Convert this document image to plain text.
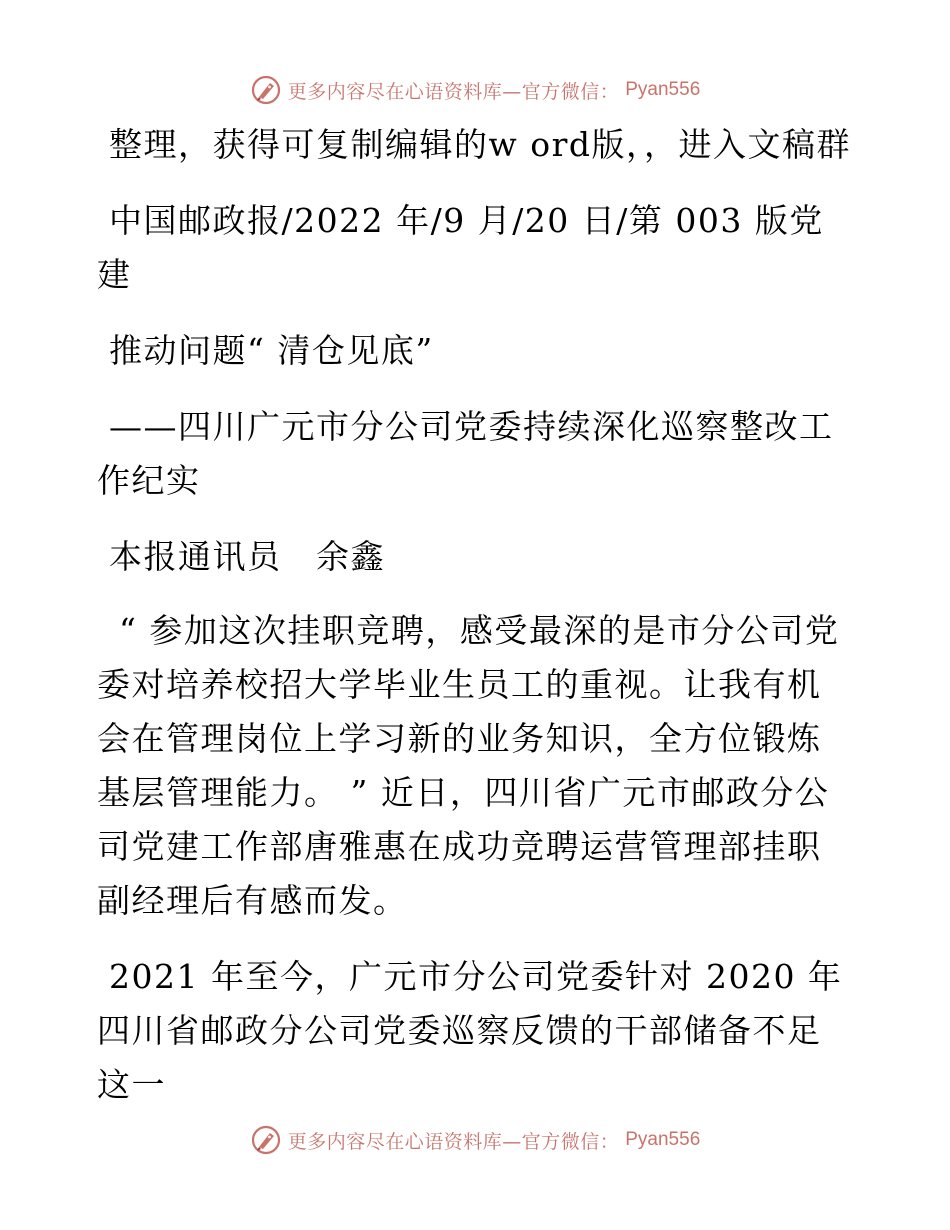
更多内容尽在心语资料库—官方微信： Pyan556

整理，获得可复制编辑的w ord版，，进入文稿群

中国邮政报/2022 年/9 月/20 日/第 003 版党建

推动问题“ 清仓见底”

——四川广元市分公司党委持续深化巡察整改工作纪实

本报通讯员　余鑫

“ 参加这次挂职竞聘，感受最深的是市分公司党委对培养校招大学毕业生员工的重视。让我有机会在管理岗位上学习新的业务知识，全方位锻炼基层管理能力。 ” 近日，四川省广元市邮政分公司党建工作部唐雅惠在成功竞聘运营管理部挂职副经理后有感而发。

2021 年至今，广元市分公司党委针对 2020 年四川省邮政分公司党委巡察反馈的干部储备不足这一

更多内容尽在心语资料库—官方微信： Pyan556
